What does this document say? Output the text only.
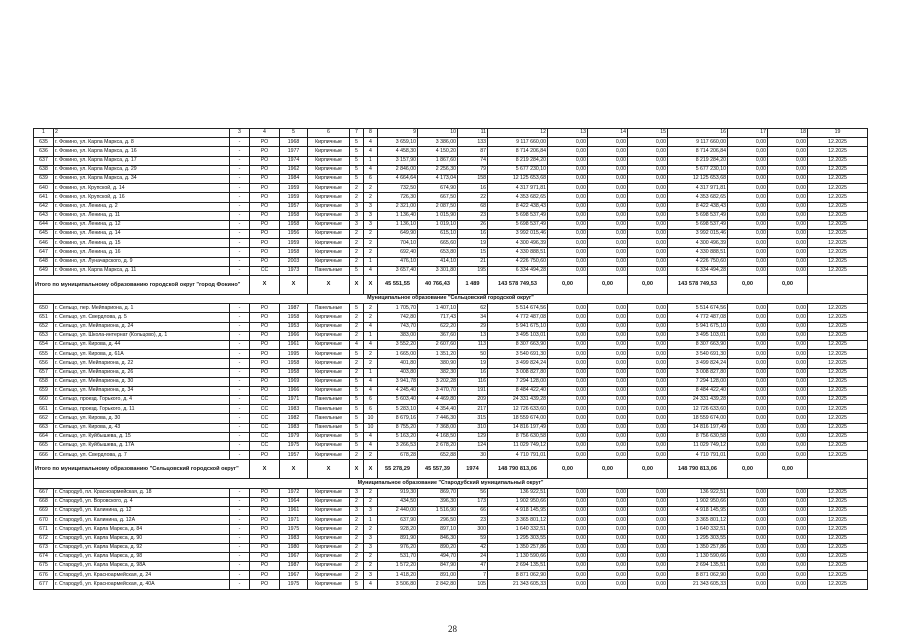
1	2	3	4	5	6	7	8	9	10	11	12	13	14	15	16	17	18	19
635	г. Фокино, ул. Карла Маркса, д. 8	-	РО	1968	Кирпичные	5	4	3 659,10	3 386,00	133	9 117 660,00	0,00	0,00	0,00	9 117 660,00	0,00	0,00	12.2025
636	г. Фокино, ул. Карла Маркса, д. 16	-	РО	1977	Кирпичные	5	4	4 458,30	4 150,20	87	8 714 206,84	0,00	0,00	0,00	8 714 206,84	0,00	0,00	12.2025
637	г. Фокино, ул. Карла Маркса, д. 17	-	РО	1974	Кирпичные	5	1	3 157,90	1 867,60	74	8 219 284,20	0,00	0,00	0,00	8 219 284,20	0,00	0,00	12.2025
638	г. Фокино, ул. Карла Маркса, д. 29	-	РО	1962	Кирпичные	5	4	2 846,00	2 256,30	79	5 677 230,10	0,00	0,00	0,00	5 677 230,10	0,00	0,00	12.2025
639	г. Фокино, ул. Карла Маркса, д. 34	-	РО	1984	Кирпичные	5	6	4 664,64	4 173,04	158	12 125 653,68	0,00	0,00	0,00	12 125 653,68	0,00	0,00	12.2025
640	г. Фокино, ул. Крупской, д. 14	-	РО	1959	Кирпичные	2	2	732,50	674,90	16	4 317 971,81	0,00	0,00	0,00	4 317 971,81	0,00	0,00	12.2025
641	г. Фокино, ул. Крупской, д. 16	-	РО	1959	Кирпичные	2	2	726,30	667,50	22	4 353 682,65	0,00	0,00	0,00	4 353 682,65	0,00	0,00	12.2025
642	г. Фокино, ул. Ленина, д. 2	-	РО	1957	Кирпичные	3	3	2 321,00	2 087,50	68	8 422 438,43	0,00	0,00	0,00	8 422 438,43	0,00	0,00	12.2025
643	г. Фокино, ул. Ленина, д. 11	-	РО	1958	Кирпичные	3	3	1 136,40	1 015,90	23	5 698 537,49	0,00	0,00	0,00	5 698 537,49	0,00	0,00	12.2025
644	г. Фокино, ул. Ленина, д. 12	-	РО	1958	Кирпичные	3	3	1 136,10	1 019,10	26	5 698 537,49	0,00	0,00	0,00	5 698 537,49	0,00	0,00	12.2025
645	г. Фокино, ул. Ленина, д. 14	-	РО	1956	Кирпичные	2	2	649,90	615,10	16	3 992 015,46	0,00	0,00	0,00	3 992 015,46	0,00	0,00	12.2025
646	г. Фокино, ул. Ленина, д. 15	-	РО	1959	Кирпичные	2	2	704,10	665,60	19	4 300 496,39	0,00	0,00	0,00	4 300 496,39	0,00	0,00	12.2025
647	г. Фокино, ул. Ленина, д. 16	-	РО	1958	Кирпичные	2	2	692,40	653,80	15	4 330 888,51	0,00	0,00	0,00	4 330 888,51	0,00	0,00	12.2025
648	г. Фокино, ул. Луначарского, д. 9	-	РО	2003	Кирпичные	2	1	476,10	414,10	21	4 226 750,60	0,00	0,00	0,00	4 226 750,60	0,00	0,00	12.2025
649	г. Фокино, ул. Карла Маркса, д. 11	-	СС	1973	Панельные	5	4	3 657,40	3 301,80	195	6 334 494,28	0,00	0,00	0,00	6 334 494,28	0,00	0,00	12.2025
Итого по муниципальному образованию городской округ "город Фокино"			X	X	X	X	X	45 551,55	40 766,43	1 489	143 578 749,53	0,00	0,00	0,00	143 578 749,53	0,00	0,00	
Муниципальное образование "Сельцовский городской округ"																		
650	г. Сельцо, пер. Мейпариона, д. 1	-	РО	1987	Панельные	5	2	1 705,70	1 407,10	62	5 514 674,56	0,00	0,00	0,00	5 514 674,56	0,00	0,00	12.2025
651	г. Сельцо, ул. Свердлова, д. 5	-	РО	1958	Кирпичные	2	2	742,80	717,43	34	4 772 487,08	0,00	0,00	0,00	4 772 487,08	0,00	0,00	12.2025
652	г. Сельцо, ул. Мейпариона, д. 24	-	РО	1953	Кирпичные	2	4	743,70	622,20	29	5 941 675,10	0,00	0,00	0,00	5 941 675,10	0,00	0,00	12.2025
653	г. Сельцо, ул. Школа-интернат (Кольцово), д. 1	-	РО	1966	Кирпичные	2	1	383,00	367,60	13	3 495 103,01	0,00	0,00	0,00	3 495 103,01	0,00	0,00	12.2025
654	г. Сельцо, ул. Кирова, д. 44	-	РО	1961	Кирпичные	4	4	3 552,20	2 607,60	113	8 307 663,90	0,00	0,00	0,00	8 307 663,90	0,00	0,00	12.2025
655	г. Сельцо, ул. Кирова, д. 61А	-	РО	1995	Кирпичные	5	2	1 665,00	1 351,20	50	3 540 691,30	0,00	0,00	0,00	3 540 691,30	0,00	0,00	12.2025
656	г. Сельцо, ул. Мейпариона, д. 22	-	РО	1958	Кирпичные	2	2	401,80	380,90	19	3 499 824,24	0,00	0,00	0,00	3 499 824,24	0,00	0,00	12.2025
657	г. Сельцо, ул. Мейпариона, д. 26	-	РО	1958	Кирпичные	2	1	403,80	382,30	16	3 008 827,80	0,00	0,00	0,00	3 008 827,80	0,00	0,00	12.2025
658	г. Сельцо, ул. Мейпариона, д. 30	-	РО	1969	Кирпичные	5	4	3 941,78	3 202,28	116	7 294 128,00	0,00	0,00	0,00	7 294 128,00	0,00	0,00	12.2025
659	г. Сельцо, ул. Мейпариона, д. 34	-	РО	1966	Кирпичные	5	4	4 245,40	3 470,70	191	8 484 422,40	0,00	0,00	0,00	8 484 422,40	0,00	0,00	12.2025
660	г. Сельцо, проезд. Горького, д. 4	-	СС	1971	Панельные	5	6	5 603,40	4 469,80	209	24 331 439,28	0,00	0,00	0,00	24 331 439,28	0,00	0,00	12.2025
661	г. Сельцо, проезд. Горького, д. 11	-	СС	1983	Панельные	5	6	5 283,10	4 354,40	217	12 726 633,60	0,00	0,00	0,00	12 726 633,60	0,00	0,00	12.2025
662	г. Сельцо, ул. Кирова, д. 30	-	СС	1982	Панельные	5	10	8 679,16	7 446,30	315	18 559 674,00	0,00	0,00	0,00	18 559 674,00	0,00	0,00	12.2025
663	г. Сельцо, ул. Кирова, д. 43	-	СС	1983	Панельные	5	10	8 755,20	7 368,00	310	14 816 197,49	0,00	0,00	0,00	14 816 197,49	0,00	0,00	12.2025
664	г. Сельцо, ул. Куйбышева, д. 15	-	СС	1979	Кирпичные	5	4	5 163,20	4 168,50	129	8 756 630,58	0,00	0,00	0,00	8 756 630,58	0,00	0,00	12.2025
665	г. Сельцо, ул. Куйбышева, д. 17А	-	СС	1975	Кирпичные	5	4	3 266,53	2 678,20	124	11 029 749,12	0,00	0,00	0,00	11 029 749,12	0,00	0,00	12.2025
666	г. Сельцо, ул. Свердлова, д. 7	-	РО	1957	Кирпичные	2	2	678,28	652,88	30	4 710 791,01	0,00	0,00	0,00	4 710 791,01	0,00	0,00	12.2025
Итого по муниципальному образованию "Сельцовский городской округ"			X	X	X	X	X	55 278,29	45 557,39	1974	148 790 813,06	0,00	0,00	0,00	148 790 813,06	0,00	0,00	
Муниципальное образование "Стародубский муниципальный округ"																		
667	г. Стародуб, пл. Красноармейская, д. 18	-	РО	1972	Кирпичные	3	2	919,30	869,70	56	136 922,51	0,00	0,00	0,00	136 922,51	0,00	0,00	12.2025
668	г. Стародуб, ул. Воровского, д. 4	-	РО	1964	Кирпичные	2	2	434,50	396,30	173	1 902 950,66	0,00	0,00	0,00	1 902 950,66	0,00	0,00	12.2025
669	г. Стародуб, ул. Калинина, д. 12	-	РО	1961	Кирпичные	3	3	2 440,00	1 516,90	66	4 918 145,95	0,00	0,00	0,00	4 918 145,95	0,00	0,00	12.2025
670	г. Стародуб, ул. Калинина, д. 12А	-	РО	1971	Кирпичные	2	1	637,90	296,50	23	3 365 801,12	0,00	0,00	0,00	3 365 801,12	0,00	0,00	12.2025
671	г. Стародуб, ул. Карла Маркса, д. 84	-	РО	1975	Кирпичные	2	2	928,20	897,10	300	1 640 332,51	0,00	0,00	0,00	1 640 332,51	0,00	0,00	12.2025
672	г. Стародуб, ул. Карла Маркса, д. 90	-	РО	1983	Кирпичные	2	3	891,90	846,30	59	1 295 303,55	0,00	0,00	0,00	1 295 303,55	0,00	0,00	12.2025
673	г. Стародуб, ул. Карла Маркса, д. 92	-	РО	1980	Кирпичные	2	3	976,20	890,20	42	1 350 257,86	0,00	0,00	0,00	1 350 257,86	0,00	0,00	12.2025
674	г. Стародуб, ул. Карла Маркса, д. 98	-	РО	1967	Кирпичные	2	2	531,70	494,70	24	1 130 590,66	0,00	0,00	0,00	1 130 590,66	0,00	0,00	12.2025
675	г. Стародуб, ул. Карла Маркса, д. 98А	-	РО	1987	Кирпичные	2	2	1 572,20	847,90	47	2 694 135,51	0,00	0,00	0,00	2 694 135,51	0,00	0,00	12.2025
676	г. Стародуб, ул. Красноармейская, д. 24	-	РО	1967	Кирпичные	2	3	1 418,20	891,00	7	8 871 062,90	0,00	0,00	0,00	8 871 062,90	0,00	0,00	12.2025
677	г. Стародуб, ул. Красноармейская, д. 40А	-	РО	1975	Кирпичные	5	4	3 506,80	2 842,80	105	21 343 605,33	0,00	0,00	0,00	21 343 605,33	0,00	0,00	12.2025
28
